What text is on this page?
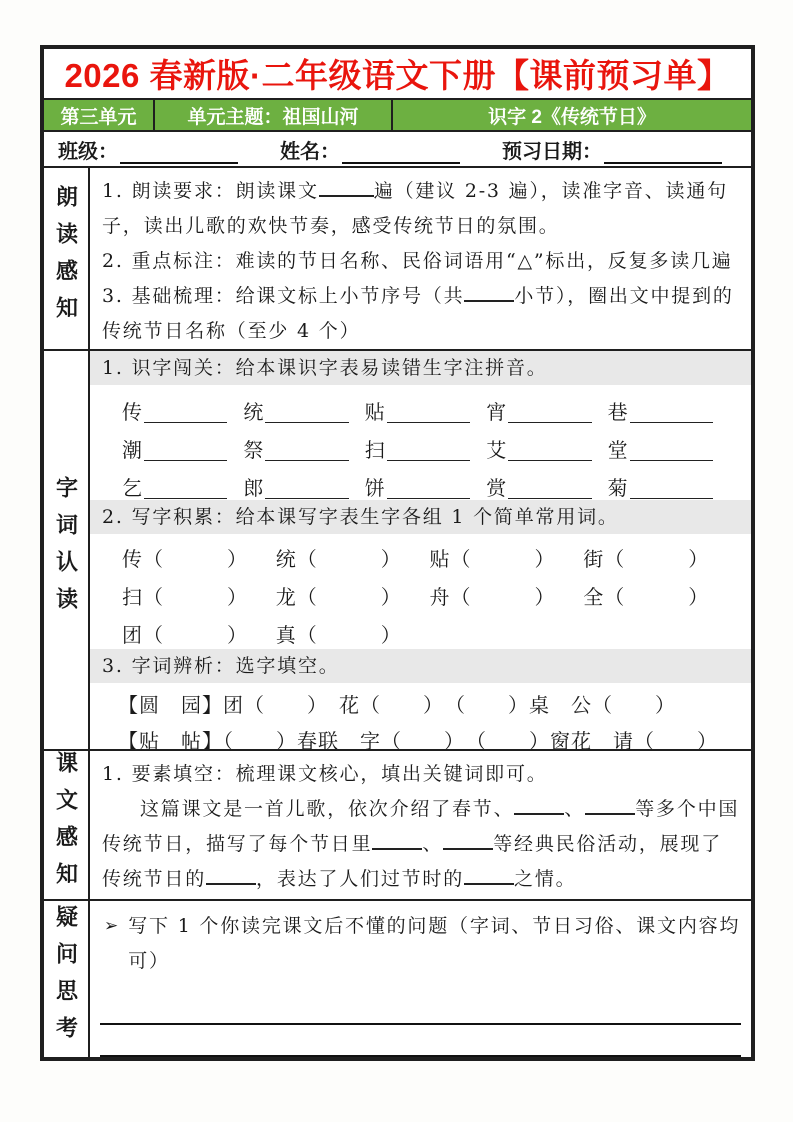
2026 春新版·二年级语文下册【课前预习单】
第三单元	单元主题：祖国山河	识字 2《传统节日》
班级：	姓名：	预习日期：
朗读感知	1. 朗读要求：朗读课文	遍（建议 2-3 遍），读准字音、读通句子，读出儿歌的欢快节奏，感受传统节日的氛围。
2. 重点标注：难读的节日名称、民俗词语用“△”标出，反复多读几遍
3. 基础梳理：给课文标上小节序号（共	小节），圈出文中提到的传统节日名称（至少 4 个）
字词认读
1. 识字闯关：给本课识字表易读错生字注拼音。
传	统	贴	宵	巷
潮	祭	扫	艾	堂
乞	郎	饼	赏	菊
2. 写字积累：给本课写字表生字各组 1 个简单常用词。
传（　　　）	统（　　　）	贴（　　　）	街（　　　）
扫（　　　）	龙（　　　）	舟（　　　）	全（　　　）
团（　　　）	真（　　　）
3. 字词辨析：选字填空。
【圆　园】团（　　）　花（　　）　（　　）桌　公（　　）
【贴　帖】（　　）春联　字（　　）　（　　）窗花　请（　　）
课文感知	1. 要素填空：梳理课文核心，填出关键词即可。
这篇课文是一首儿歌，依次介绍了春节、	、	等多个中国传统节日，描写了每个节日里	、	等经典民俗活动，展现了传统节日的	，表达了人们过节时的	之情。
疑问思考 ➢ 写下 1 个你读完课文后不懂的问题（字词、节日习俗、课文内容均可）
